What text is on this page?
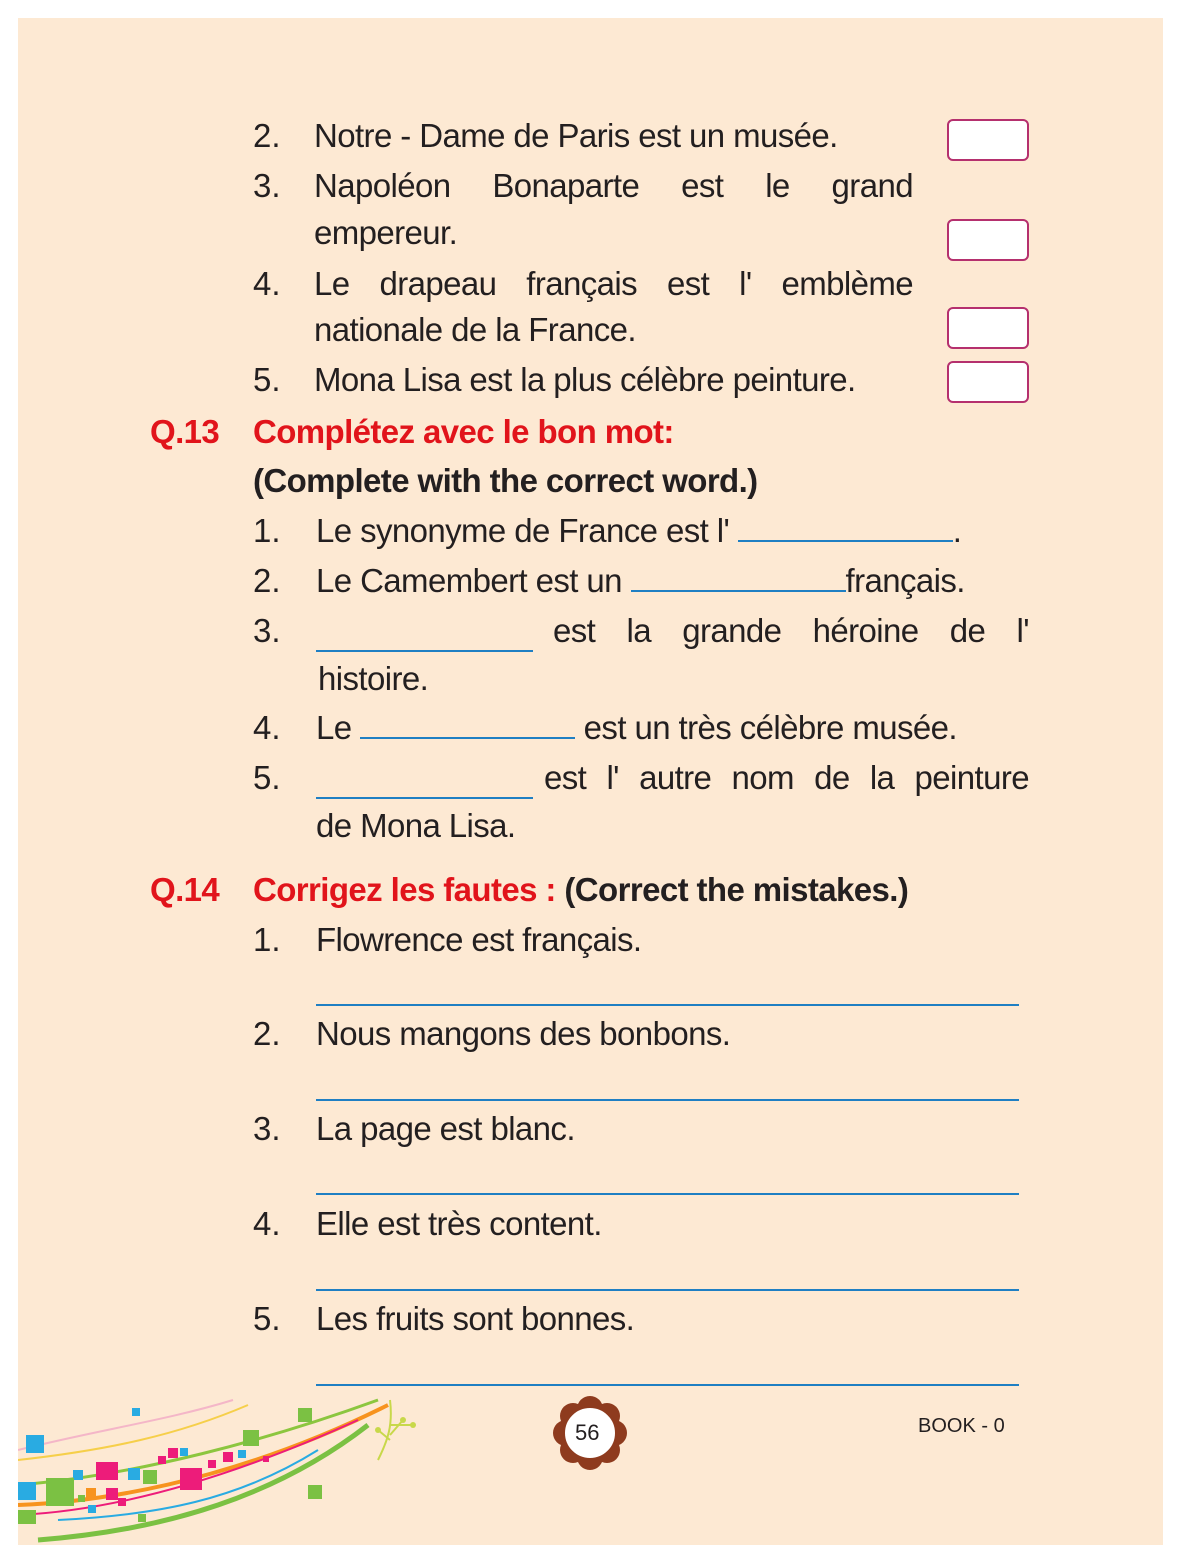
2. Notre - Dame de Paris est un musée.
3. Napoléon Bonaparte est le grand
empereur.
4. Le drapeau français est l' emblème
nationale de la France.
5. Mona Lisa est la plus célèbre peinture.
Q.13 Complétez avec le bon mot:
(Complete with the correct word.)
1. Le synonyme de France est l'	.
2. Le Camembert est un	français.
3.	est la grande héroine de l'
histoire.
4. Le	est un très célèbre musée.
5.	est l' autre nom de la peinture
de Mona Lisa.
Q.14 Corrigez les fautes : (Correct the mistakes.)
1. Flowrence est français.
2. Nous mangons des bonbons.
3. La page est blanc.
4. Elle est très content.
5. Les fruits sont bonnes.
56	BOOK - 0
